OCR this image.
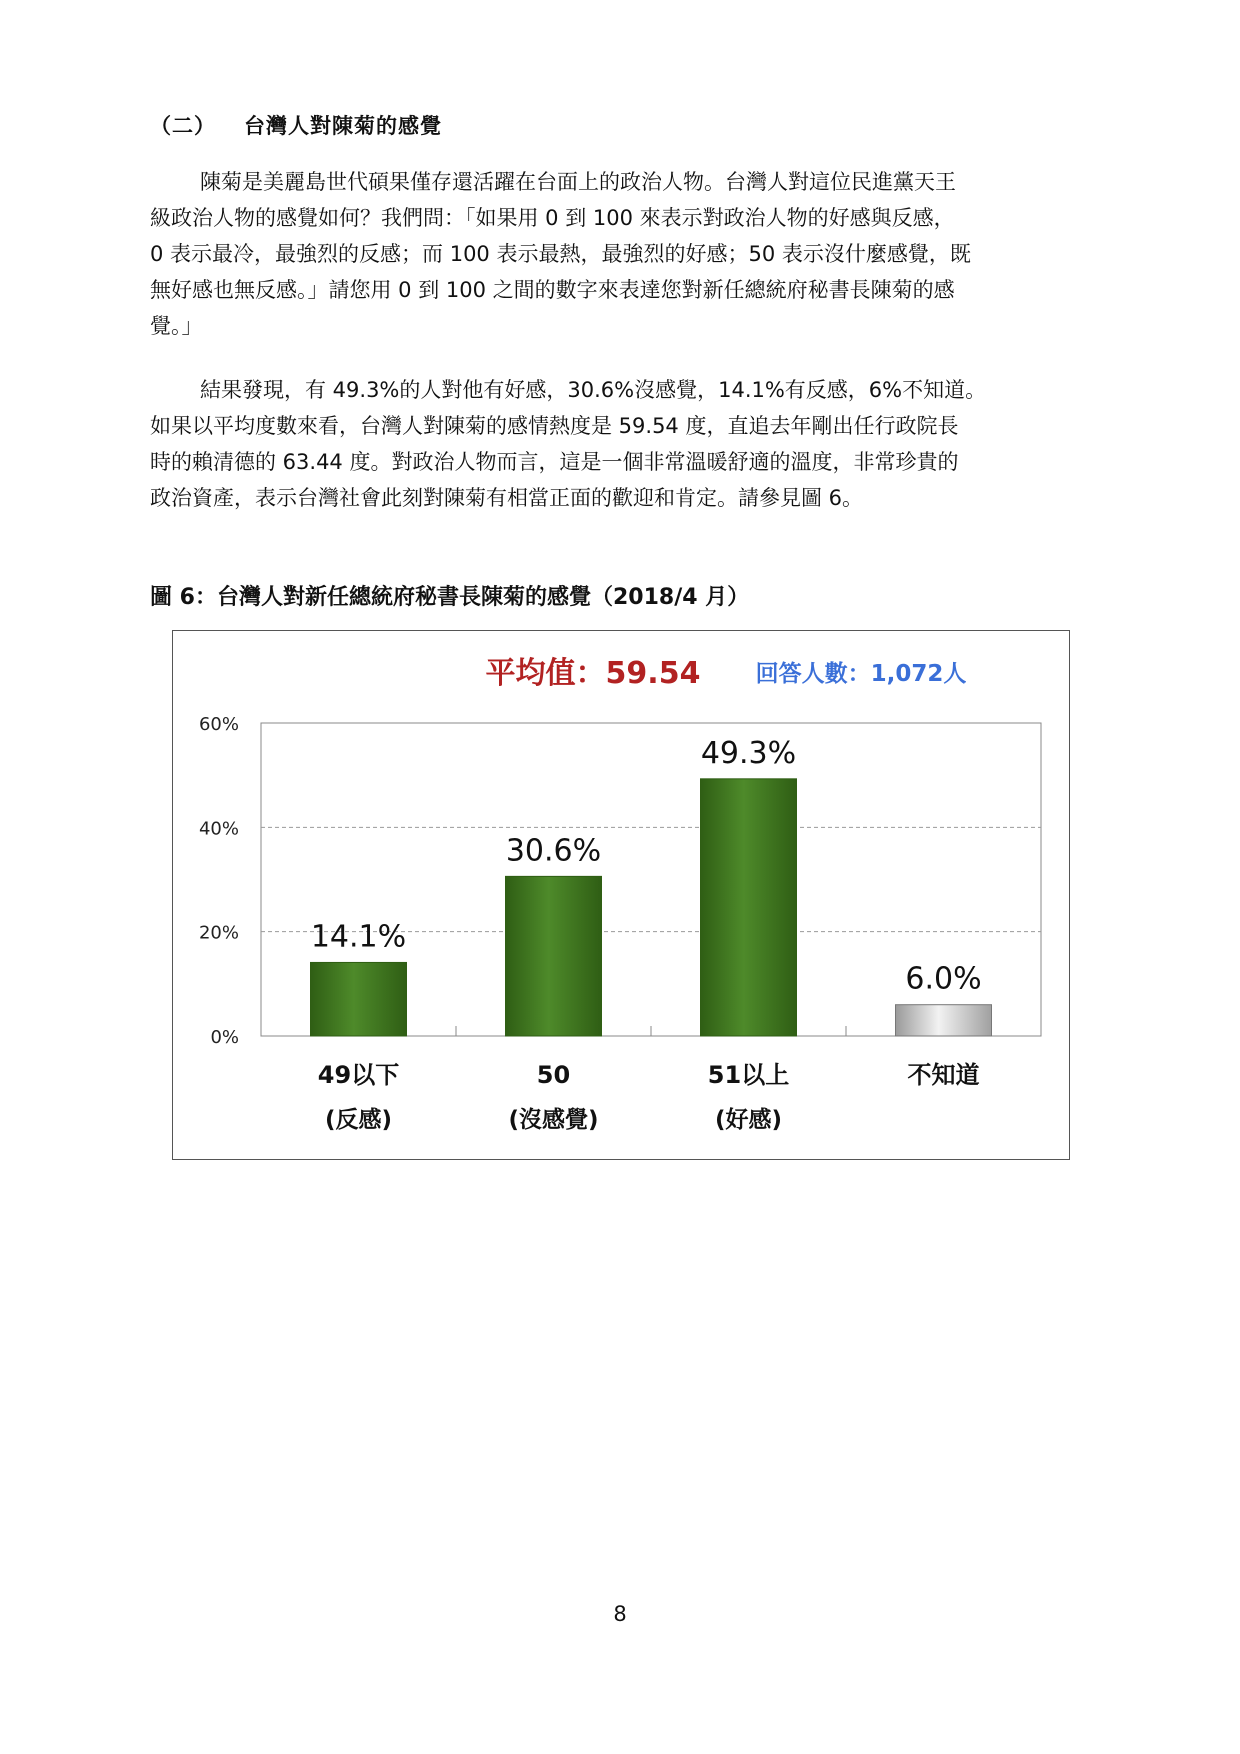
（二） 台灣人對陳菊的感覺

陳菊是美麗島世代碩果僅存還活躍在台面上的政治人物。台灣人對這位民進黨天王
級政治人物的感覺如何？我們問：「如果用 0 到 100 來表示對政治人物的好感與反感，
0 表示最冷，最強烈的反感；而 100 表示最熱，最強烈的好感；50 表示沒什麼感覺，既
無好感也無反感。」請您用 0 到 100 之間的數字來表達您對新任總統府秘書長陳菊的感
覺。」

結果發現，有 49.3%的人對他有好感，30.6%沒感覺，14.1%有反感，6%不知道。
如果以平均度數來看，台灣人對陳菊的感情熱度是 59.54 度，直追去年剛出任行政院長
時的賴清德的 63.44 度。對政治人物而言，這是一個非常溫暖舒適的溫度，非常珍貴的
政治資產，表示台灣社會此刻對陳菊有相當正面的歡迎和肯定。請參見圖 6。

圖 6：台灣人對新任總統府秘書長陳菊的感覺（2018/4 月）
平均值：59.54 回答人數：1,072人
0%
20%
40%
60%
14.1%
49以下
(反感)
30.6%
50
(沒感覺)
49.3%
51以上
(好感)
6.0%
不知道
8
